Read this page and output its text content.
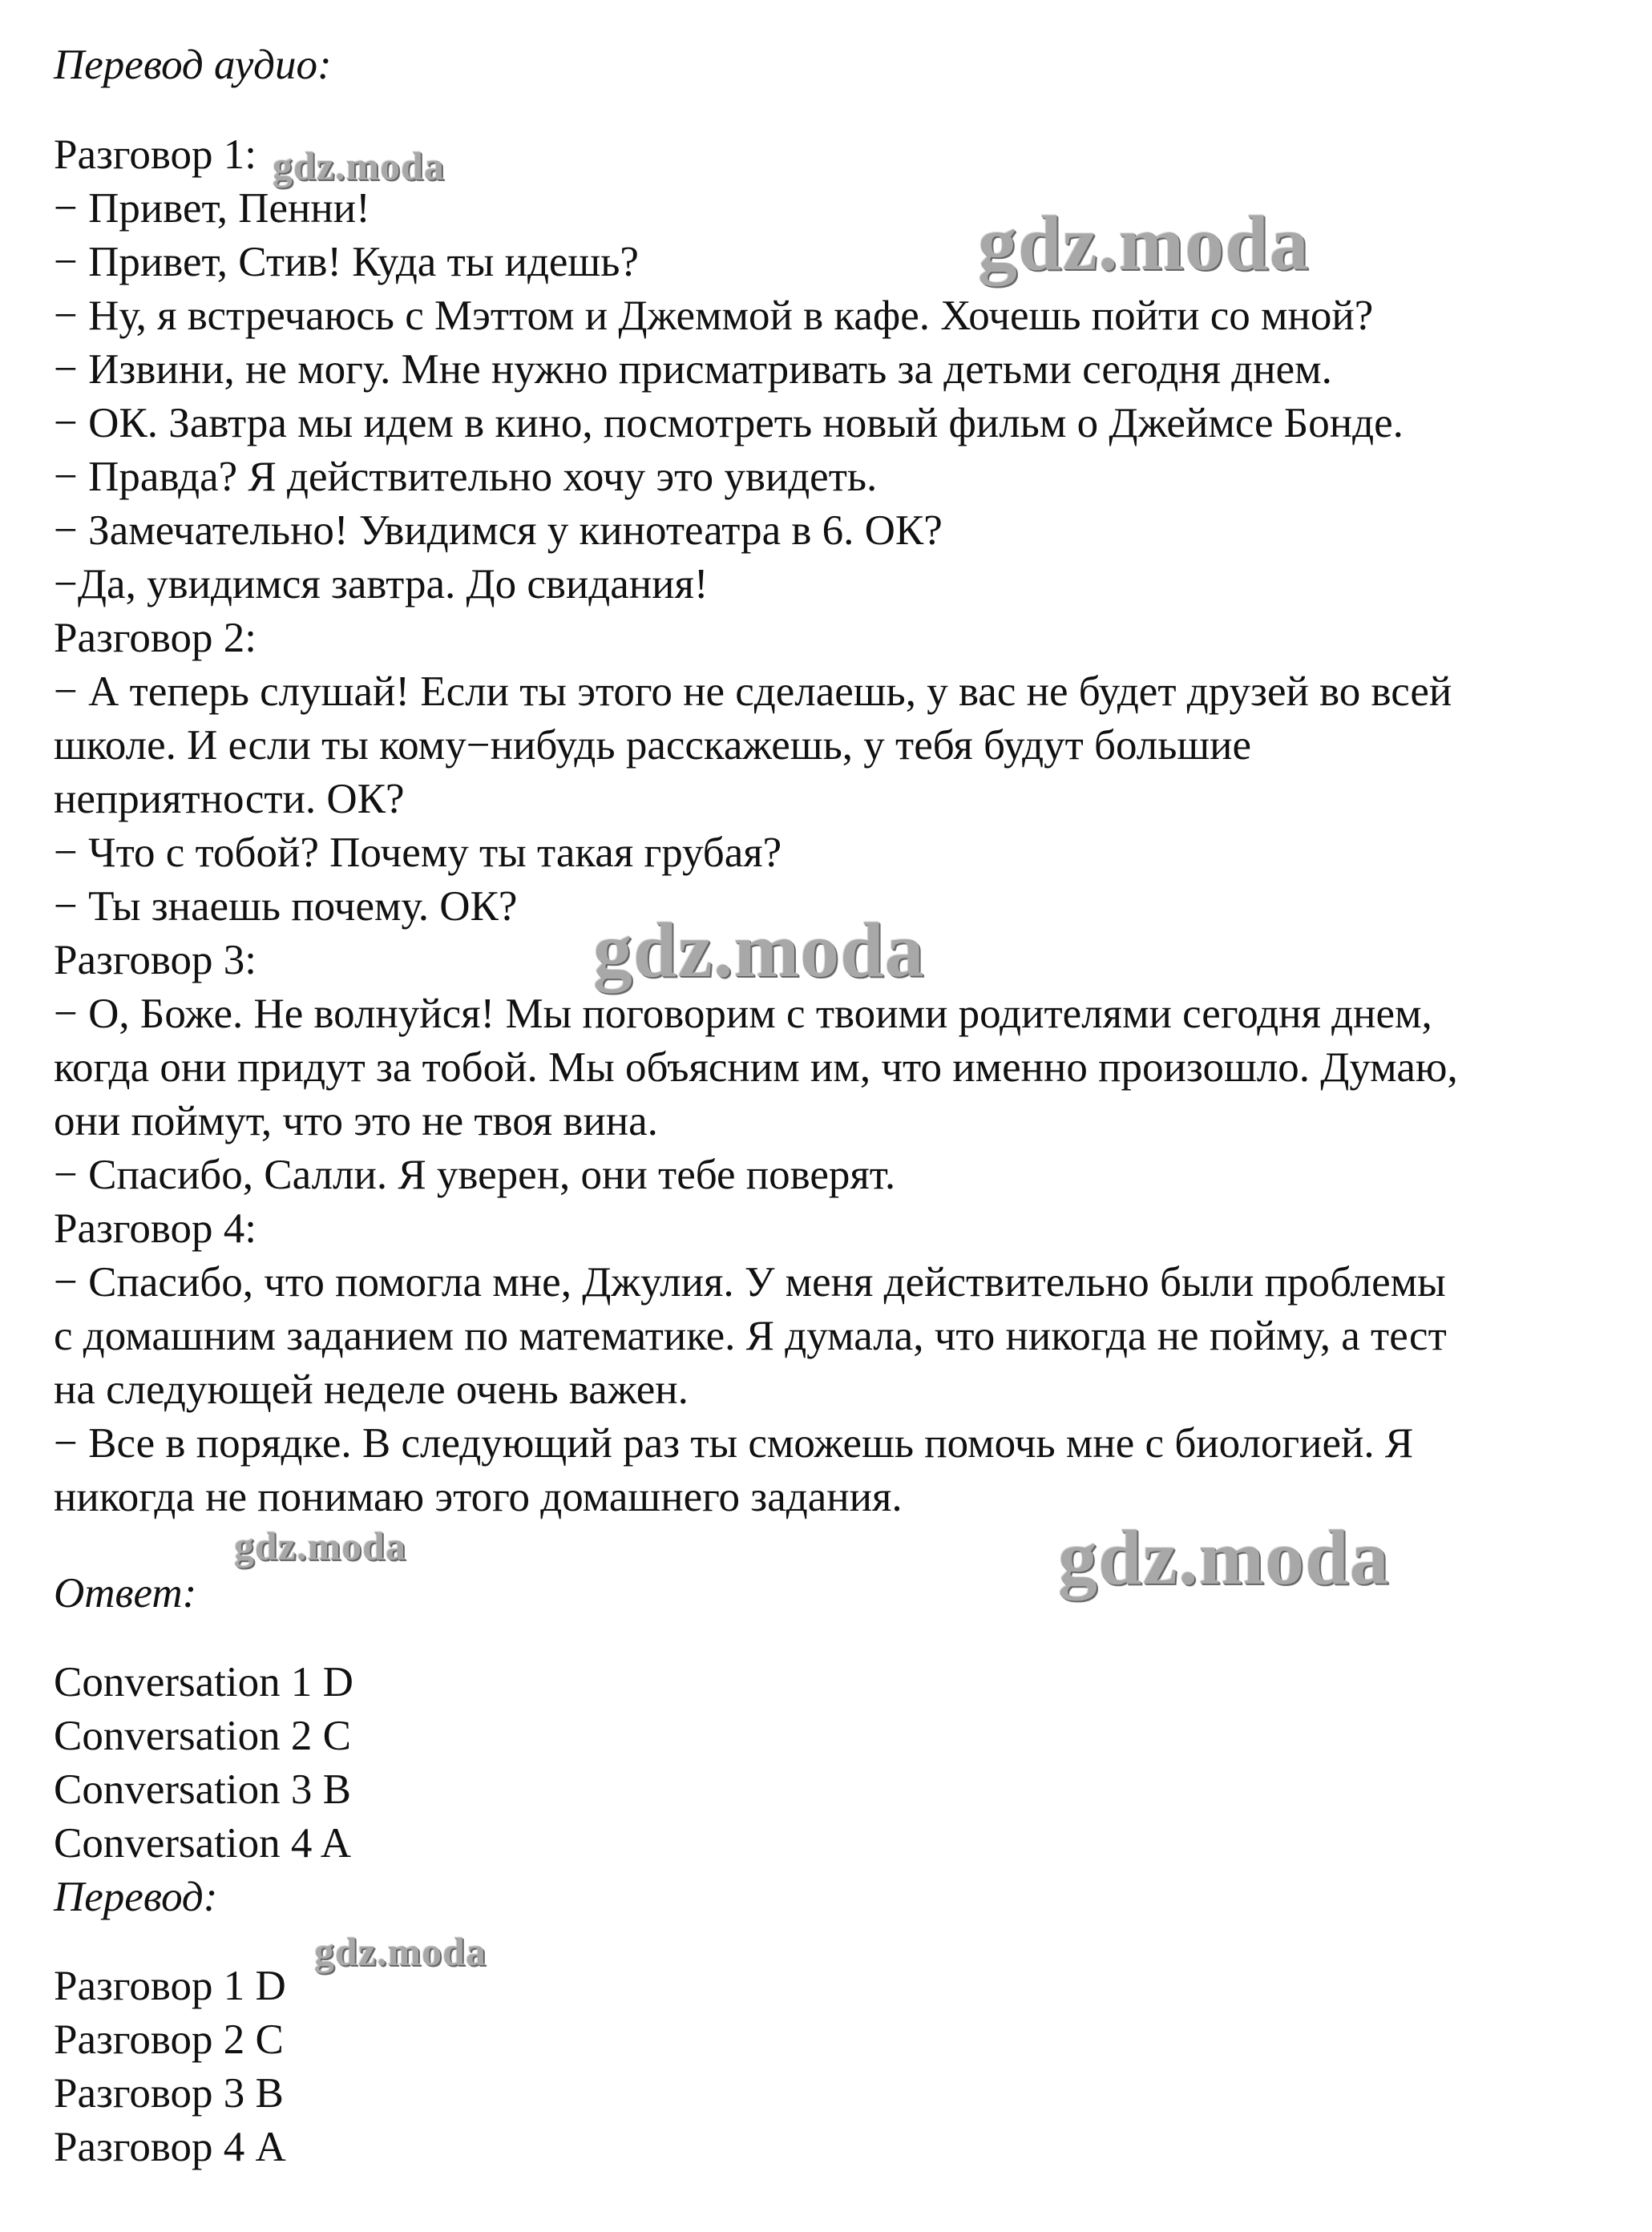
Перевод аудио:
Разговор 1:
− Привет, Пенни!
− Привет, Стив! Куда ты идешь?
− Ну, я встречаюсь с Мэттом и Джеммой в кафе. Хочешь пойти со мной?
− Извини, не могу. Мне нужно присматривать за детьми сегодня днем.
− ОК. Завтра мы идем в кино, посмотреть новый фильм о Джеймсе Бонде.
− Правда? Я действительно хочу это увидеть.
− Замечательно! Увидимся у кинотеатра в 6. ОК?
−Да, увидимся завтра. До свидания!
Разговор 2:
− А теперь слушай! Если ты этого не сделаешь, у вас не будет друзей во всей
школе. И если ты кому−нибудь расскажешь, у тебя будут большие
неприятности. ОК?
− Что с тобой? Почему ты такая грубая?
− Ты знаешь почему. ОК?
Разговор 3:
− О, Боже. Не волнуйся! Мы поговорим с твоими родителями сегодня днем,
когда они придут за тобой. Мы объясним им, что именно произошло. Думаю,
они поймут, что это не твоя вина.
− Спасибо, Салли. Я уверен, они тебе поверят.
Разговор 4:
− Спасибо, что помогла мне, Джулия. У меня действительно были проблемы
с домашним заданием по математике. Я думала, что никогда не пойму, а тест
на следующей неделе очень важен.
− Все в порядке. В следующий раз ты сможешь помочь мне с биологией. Я
никогда не понимаю этого домашнего задания.
Ответ:
Conversation 1 D
Conversation 2 C
Conversation 3 B
Conversation 4 A
Перевод:
Разговор 1 D
Разговор 2 C
Разговор 3 B
Разговор 4 A
gdz.moda
gdz.moda
gdz.moda
gdz.moda	gdz.moda
gdz.moda
